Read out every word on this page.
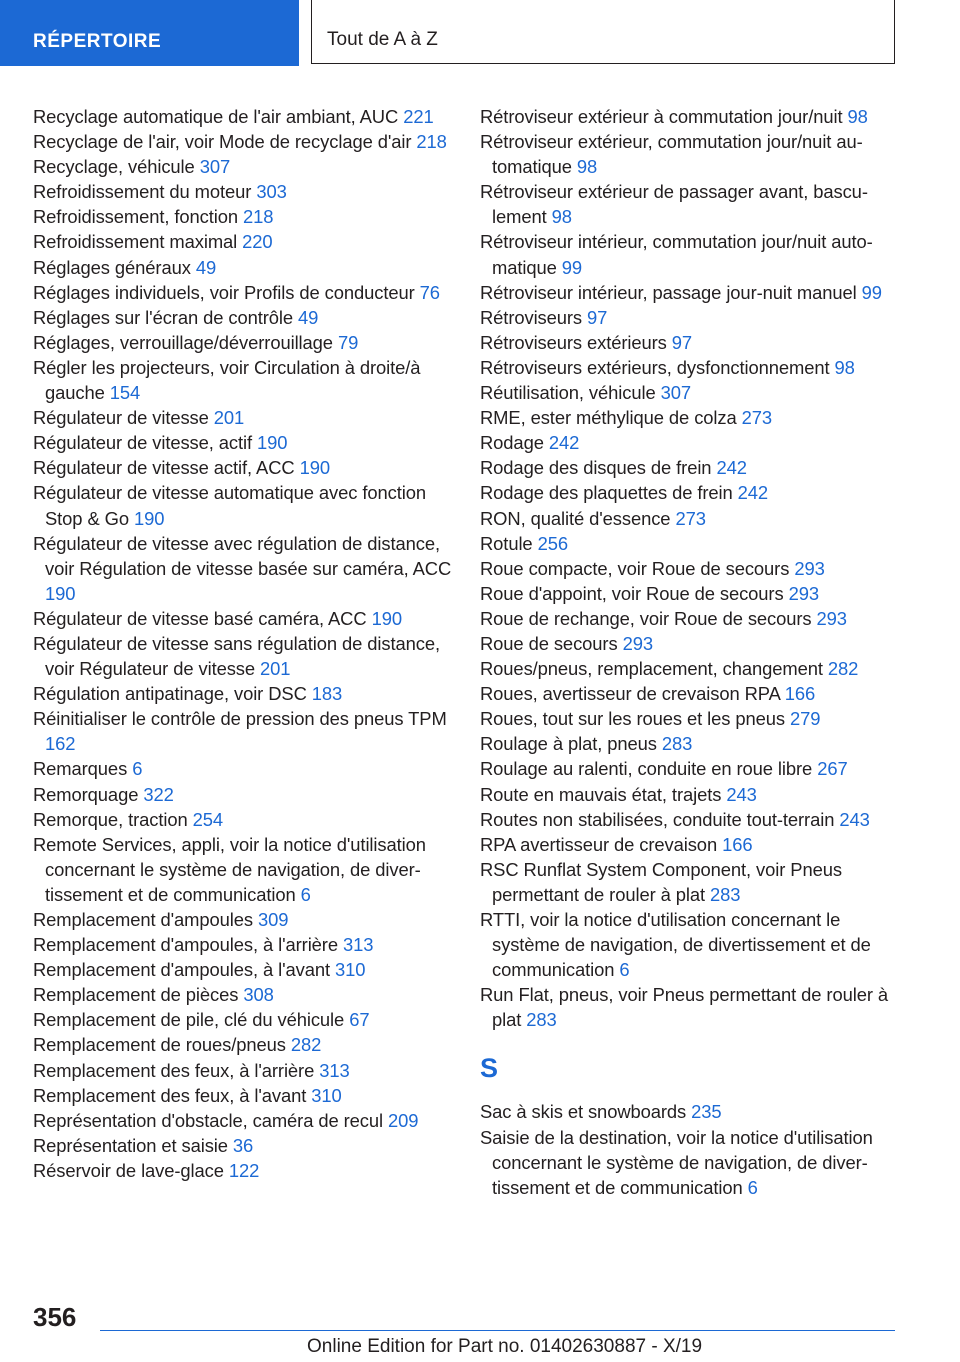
RÉPERTOIRE	Tout de A à Z
Recyclage automatique de l'air ambiant, AUC 221
Recyclage de l'air, voir Mode de recyclage d'air 218
Recyclage, véhicule 307
Refroidissement du moteur 303
Refroidissement, fonction 218
Refroidissement maximal 220
Réglages généraux 49
Réglages individuels, voir Profils de conducteur 76
Réglages sur l'écran de contrôle 49
Réglages, verrouillage/déverrouillage 79
Régler les projecteurs, voir Circulation à droite/à gauche 154
Régulateur de vitesse 201
Régulateur de vitesse, actif 190
Régulateur de vitesse actif, ACC 190
Régulateur de vitesse automatique avec fonction Stop & Go 190
Régulateur de vitesse avec régulation de distance, voir Régulation de vitesse basée sur caméra, ACC 190
Régulateur de vitesse basé caméra, ACC 190
Régulateur de vitesse sans régulation de distance, voir Régulateur de vitesse 201
Régulation antipatinage, voir DSC 183
Réinitialiser le contrôle de pression des pneus TPM 162
Remarques 6
Remorquage 322
Remorque, traction 254
Remote Services, appli, voir la notice d'utilisation concernant le système de navigation, de divertissement et de communication 6
Remplacement d'ampoules 309
Remplacement d'ampoules, à l'arrière 313
Remplacement d'ampoules, à l'avant 310
Remplacement de pièces 308
Remplacement de pile, clé du véhicule 67
Remplacement de roues/pneus 282
Remplacement des feux, à l'arrière 313
Remplacement des feux, à l'avant 310
Représentation d'obstacle, caméra de recul 209
Représentation et saisie 36
Réservoir de lave-glace 122
Rétroviseur extérieur à commutation jour/nuit 98
Rétroviseur extérieur, commutation jour/nuit automatique 98
Rétroviseur extérieur de passager avant, basculement 98
Rétroviseur intérieur, commutation jour/nuit automatique 99
Rétroviseur intérieur, passage jour-nuit manuel 99
Rétroviseurs 97
Rétroviseurs extérieurs 97
Rétroviseurs extérieurs, dysfonctionnement 98
Réutilisation, véhicule 307
RME, ester méthylique de colza 273
Rodage 242
Rodage des disques de frein 242
Rodage des plaquettes de frein 242
RON, qualité d'essence 273
Rotule 256
Roue compacte, voir Roue de secours 293
Roue d'appoint, voir Roue de secours 293
Roue de rechange, voir Roue de secours 293
Roue de secours 293
Roues/pneus, remplacement, changement 282
Roues, avertisseur de crevaison RPA 166
Roues, tout sur les roues et les pneus 279
Roulage à plat, pneus 283
Roulage au ralenti, conduite en roue libre 267
Route en mauvais état, trajets 243
Routes non stabilisées, conduite tout-terrain 243
RPA avertisseur de crevaison 166
RSC Runflat System Component, voir Pneus permettant de rouler à plat 283
RTTI, voir la notice d'utilisation concernant le système de navigation, de divertissement et de communication 6
Run Flat, pneus, voir Pneus permettant de rouler à plat 283
S
Sac à skis et snowboards 235
Saisie de la destination, voir la notice d'utilisation concernant le système de navigation, de divertissement et de communication 6
356
Online Edition for Part no. 01402630887 - X/19
